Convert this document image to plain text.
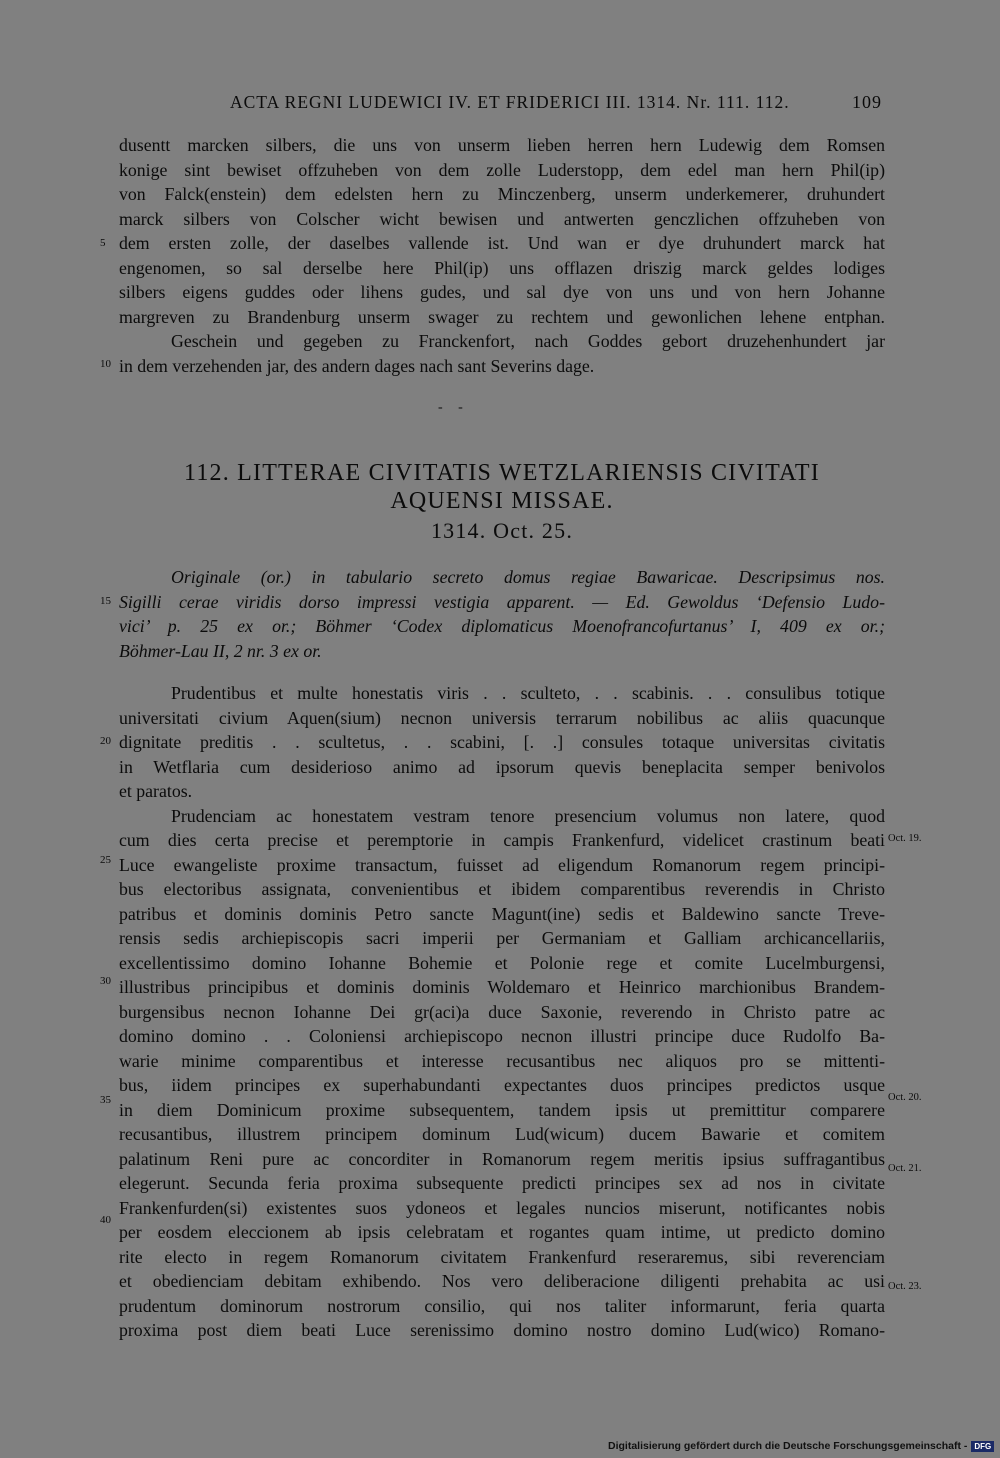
ACTA REGNI LUDEWICI IV. ET FRIDERICI III. 1314. Nr. 111. 112.	109
dusentt marcken silbers, die uns von unserm lieben herren hern Ludewig dem Romsen
konige sint bewiset offzuheben von dem zolle Luderstopp, dem edel man hern Phil(ip)
von Falck(enstein) dem edelsten hern zu Minczenberg, unserm underkemerer, druhundert
marck silbers von Colscher wicht bewisen und antwerten genczlichen offzuheben von
dem ersten zolle, der daselbes vallende ist. Und wan er dye druhundert marck hat
engenomen, so sal derselbe here Phil(ip) uns offlazen driszig marck geldes lodiges
silbers eigens guddes oder lihens gudes, und sal dye von uns und von hern Johanne
margreven zu Brandenburg unserm swager zu rechtem und gewonlichen lehene entphan.
Geschein und gegeben zu Franckenfort, nach Goddes gebort druzehenhundert jar
in dem verzehenden jar, des andern dages nach sant Severins dage.
5
10
- -
112. LITTERAE CIVITATIS WETZLARIENSIS CIVITATI
AQUENSI MISSAE.
1314. Oct. 25.
Originale (or.) in tabulario secreto domus regiae Bawaricae. Descripsimus nos.
Sigilli cerae viridis dorso impressi vestigia apparent. — Ed. Gewoldus ‘Defensio Ludo-
vici’ p. 25 ex or.; Böhmer ‘Codex diplomaticus Moenofrancofurtanus’ I, 409 ex or.;
Böhmer-Lau II, 2 nr. 3 ex or.
15
Prudentibus et multe honestatis viris . . sculteto, . . scabinis. . . consulibus totique
universitati civium Aquen(sium) necnon universis terrarum nobilibus ac aliis quacunque
dignitate preditis . . scultetus, . . scabini, [. .] consules totaque universitas civitatis
in Wetflaria cum desiderioso animo ad ipsorum quevis beneplacita semper benivolos
et paratos.
Prudenciam ac honestatem vestram tenore presencium volumus non latere, quod
cum dies certa precise et peremptorie in campis Frankenfurd, videlicet crastinum beati
Luce ewangeliste proxime transactum, fuisset ad eligendum Romanorum regem principi-
bus electoribus assignata, convenientibus et ibidem comparentibus reverendis in Christo
patribus et dominis dominis Petro sancte Magunt(ine) sedis et Baldewino sancte Treve-
rensis sedis archiepiscopis sacri imperii per Germaniam et Galliam archicancellariis,
excellentissimo domino Iohanne Bohemie et Polonie rege et comite Lucelmburgensi,
illustribus principibus et dominis dominis Woldemaro et Heinrico marchionibus Brandem-
burgensibus necnon Iohanne Dei gr(aci)a duce Saxonie, reverendo in Christo patre ac
domino domino . . Coloniensi archiepiscopo necnon illustri principe duce Rudolfo Ba-
warie minime comparentibus et interesse recusantibus nec aliquos pro se mittenti-
bus, iidem principes ex superhabundanti expectantes duos principes predictos usque
in diem Dominicum proxime subsequentem, tandem ipsis ut premittitur comparere
recusantibus, illustrem principem dominum Lud(wicum) ducem Bawarie et comitem
palatinum Reni pure ac concorditer in Romanorum regem meritis ipsius suffragantibus
elegerunt. Secunda feria proxima subsequente predicti principes sex ad nos in civitate
Frankenfurden(si) existentes suos ydoneos et legales nuncios miserunt, notificantes nobis
per eosdem eleccionem ab ipsis celebratam et rogantes quam intime, ut predicto domino
rite electo in regem Romanorum civitatem Frankenfurd reseraremus, sibi reverenciam
et obedienciam debitam exhibendo. Nos vero deliberacione diligenti prehabita ac usi
prudentum dominorum nostrorum consilio, qui nos taliter informarunt, feria quarta
proxima post diem beati Luce serenissimo domino nostro domino Lud(wico) Romano-
20
25
30
35
40
Oct. 19.
Oct. 20.
Oct. 21.
Oct. 23.
Digitalisierung gefördert durch die Deutsche Forschungsgemeinschaft - DFG
